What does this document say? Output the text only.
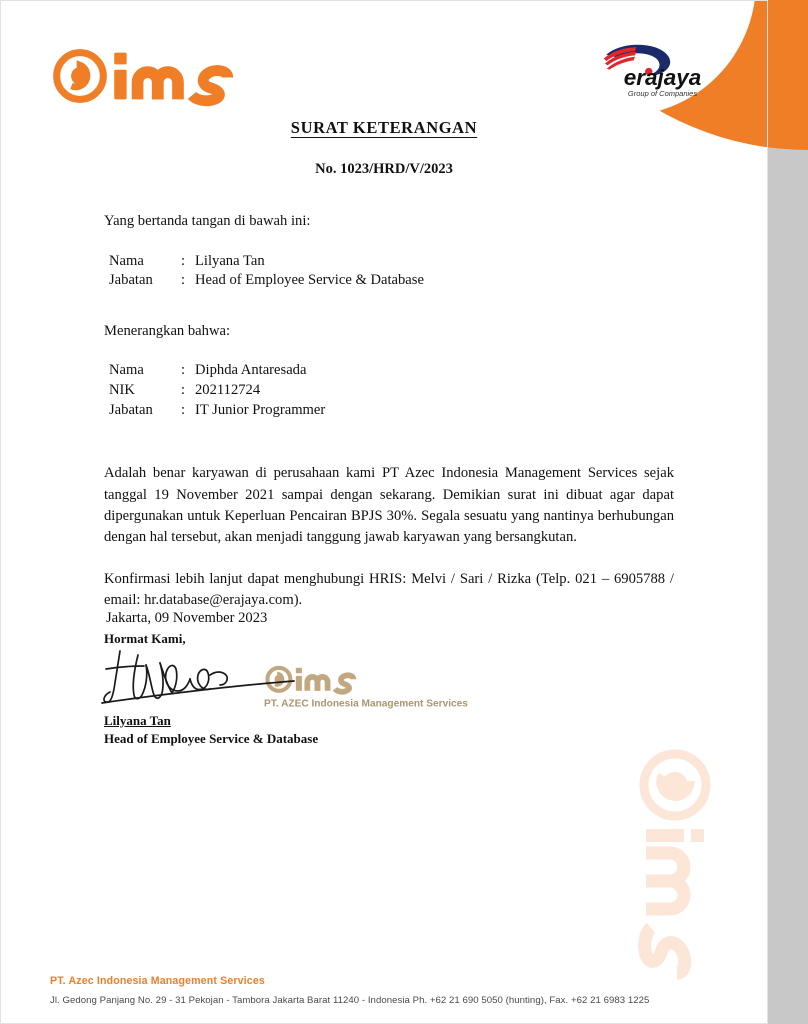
erajaya
Group of Companies
SURAT KETERANGAN
No. 1023/HRD/V/2023

Yang bertanda tangan di bawah ini:

Nama	:	Lilyana Tan
Jabatan	:	Head of Employee Service & Database

Menerangkan bahwa:

Nama	:	Diphda Antaresada
NIK	:	202112724
Jabatan	:	IT Junior Programmer

Adalah benar karyawan di perusahaan kami PT Azec Indonesia Management Services sejak tanggal 19 November 2021 sampai dengan sekarang. Demikian surat ini dibuat agar dapat dipergunakan untuk Keperluan Pencairan BPJS 30%. Segala sesuatu yang nantinya berhubungan dengan hal tersebut, akan menjadi tanggung jawab karyawan yang bersangkutan.

Konfirmasi lebih lanjut dapat menghubungi HRIS: Melvi / Sari / Rizka (Telp. 021 – 6905788 / email: hr.database@erajaya.com).

Jakarta, 09 November 2023
Hormat Kami,
PT. AZEC Indonesia Management Services
Lilyana Tan
Head of Employee Service & Database
PT. Azec Indonesia Management Services
Jl. Gedong Panjang No. 29 - 31 Pekojan - Tambora Jakarta Barat 11240 - Indonesia Ph. +62 21 690 5050 (hunting), Fax. +62 21 6983 1225
